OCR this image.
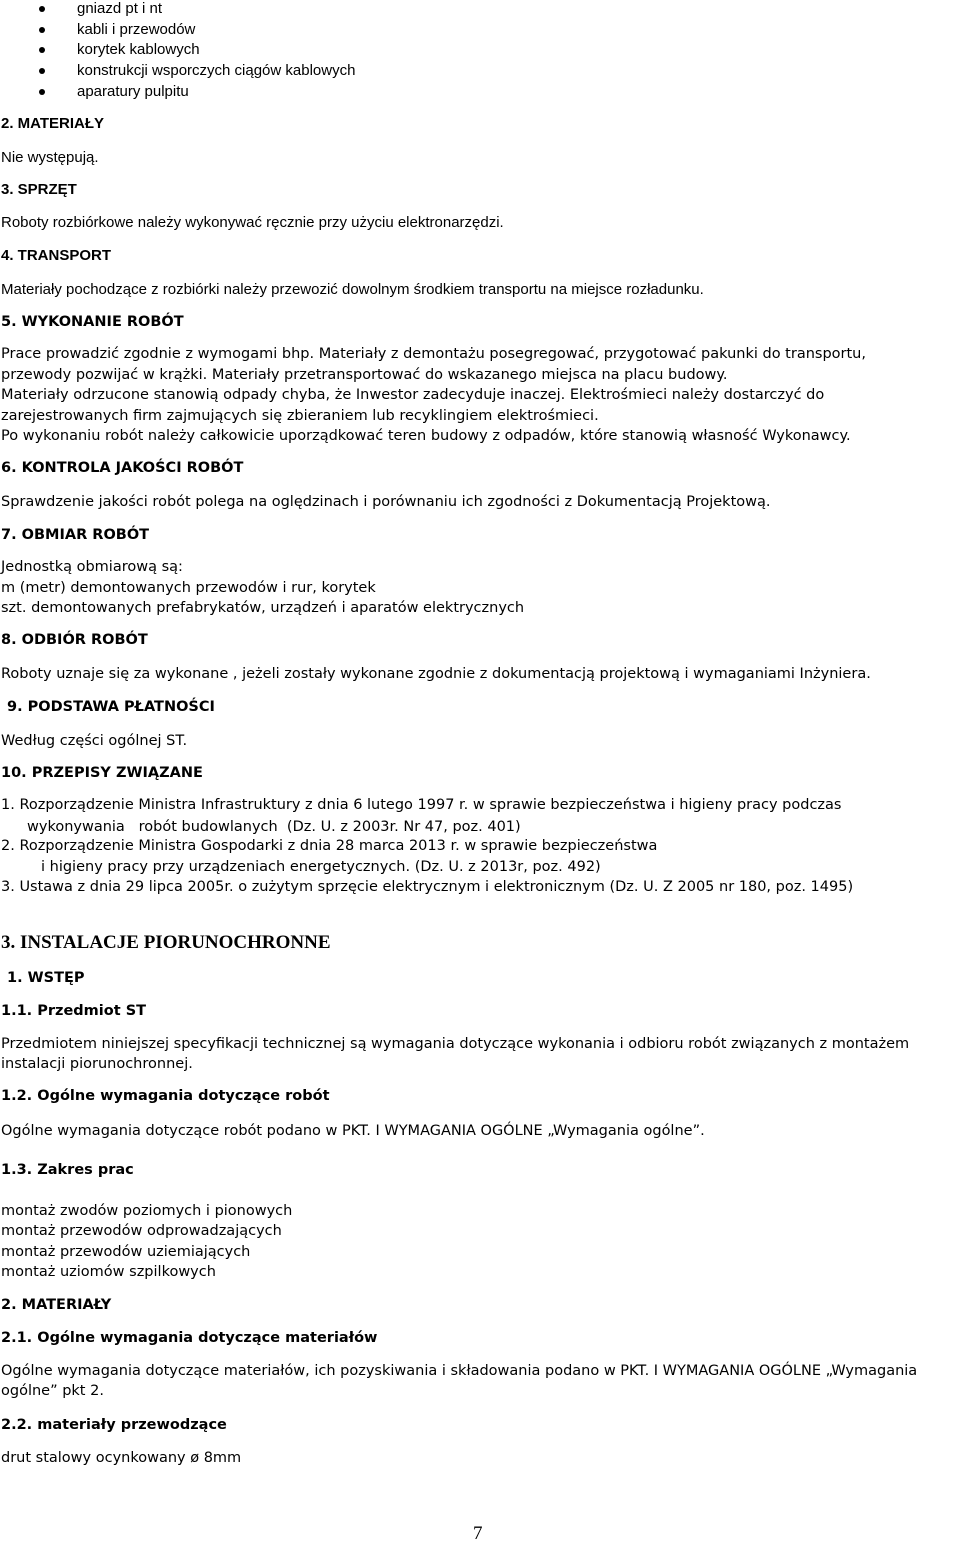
gniazd pt i nt
kabli i przewodów
korytek kablowych
konstrukcji wsporczych ciągów kablowych
aparatury pulpitu
2. MATERIAŁY
Nie występują.
3. SPRZĘT
Roboty rozbiórkowe należy wykonywać ręcznie przy użyciu elektronarzędzi.
4. TRANSPORT
Materiały pochodzące z rozbiórki należy przewozić dowolnym środkiem transportu na miejsce rozładunku.
5. WYKONANIE ROBÓT
Prace prowadzić zgodnie z wymogami bhp. Materiały z demontażu posegregować, przygotować pakunki do transportu,
przewody pozwijać w krążki. Materiały przetransportować do wskazanego miejsca na placu budowy.
Materiały odrzucone stanowią odpady chyba, że Inwestor zadecyduje inaczej. Elektrośmieci należy dostarczyć do
zarejestrowanych firm zajmujących się zbieraniem lub recyklingiem elektrośmieci.
Po wykonaniu robót należy całkowicie uporządkować teren budowy z odpadów, które stanowią własność Wykonawcy.
6. KONTROLA JAKOŚCI ROBÓT
Sprawdzenie jakości robót polega na oględzinach i porównaniu ich zgodności z Dokumentacją Projektową.
7. OBMIAR ROBÓT
Jednostką obmiarową są:
m (metr) demontowanych przewodów i rur, korytek
szt. demontowanych prefabrykatów, urządzeń i aparatów elektrycznych
8. ODBIÓR ROBÓT
Roboty uznaje się za wykonane , jeżeli zostały wykonane zgodnie z dokumentacją projektową i wymaganiami Inżyniera.
9. PODSTAWA PŁATNOŚCI
Według części ogólnej ST.
10. PRZEPISY ZWIĄZANE
1. Rozporządzenie Ministra Infrastruktury z dnia 6 lutego 1997 r. w sprawie bezpieczeństwa i higieny pracy podczas
wykonywania   robót budowlanych  (Dz. U. z 2003r. Nr 47, poz. 401)
2. Rozporządzenie Ministra Gospodarki z dnia 28 marca 2013 r. w sprawie bezpieczeństwa
i higieny pracy przy urządzeniach energetycznych. (Dz. U. z 2013r, poz. 492)
3. Ustawa z dnia 29 lipca 2005r. o zużytym sprzęcie elektrycznym i elektronicznym (Dz. U. Z 2005 nr 180, poz. 1495)
3. INSTALACJE PIORUNOCHRONNE
1. WSTĘP
1.1. Przedmiot ST
Przedmiotem niniejszej specyfikacji technicznej są wymagania dotyczące wykonania i odbioru robót związanych z montażem
instalacji piorunochronnej.
1.2. Ogólne wymagania dotyczące robót
Ogólne wymagania dotyczące robót podano w PKT. I WYMAGANIA OGÓLNE „Wymagania ogólne”.
1.3. Zakres prac
montaż zwodów poziomych i pionowych
montaż przewodów odprowadzających
montaż przewodów uziemiających
montaż uziomów szpilkowych
2. MATERIAŁY
2.1. Ogólne wymagania dotyczące materiałów
Ogólne wymagania dotyczące materiałów, ich pozyskiwania i składowania podano w PKT. I WYMAGANIA OGÓLNE „Wymagania
ogólne” pkt 2.
2.2. materiały przewodzące
drut stalowy ocynkowany ø 8mm
7
